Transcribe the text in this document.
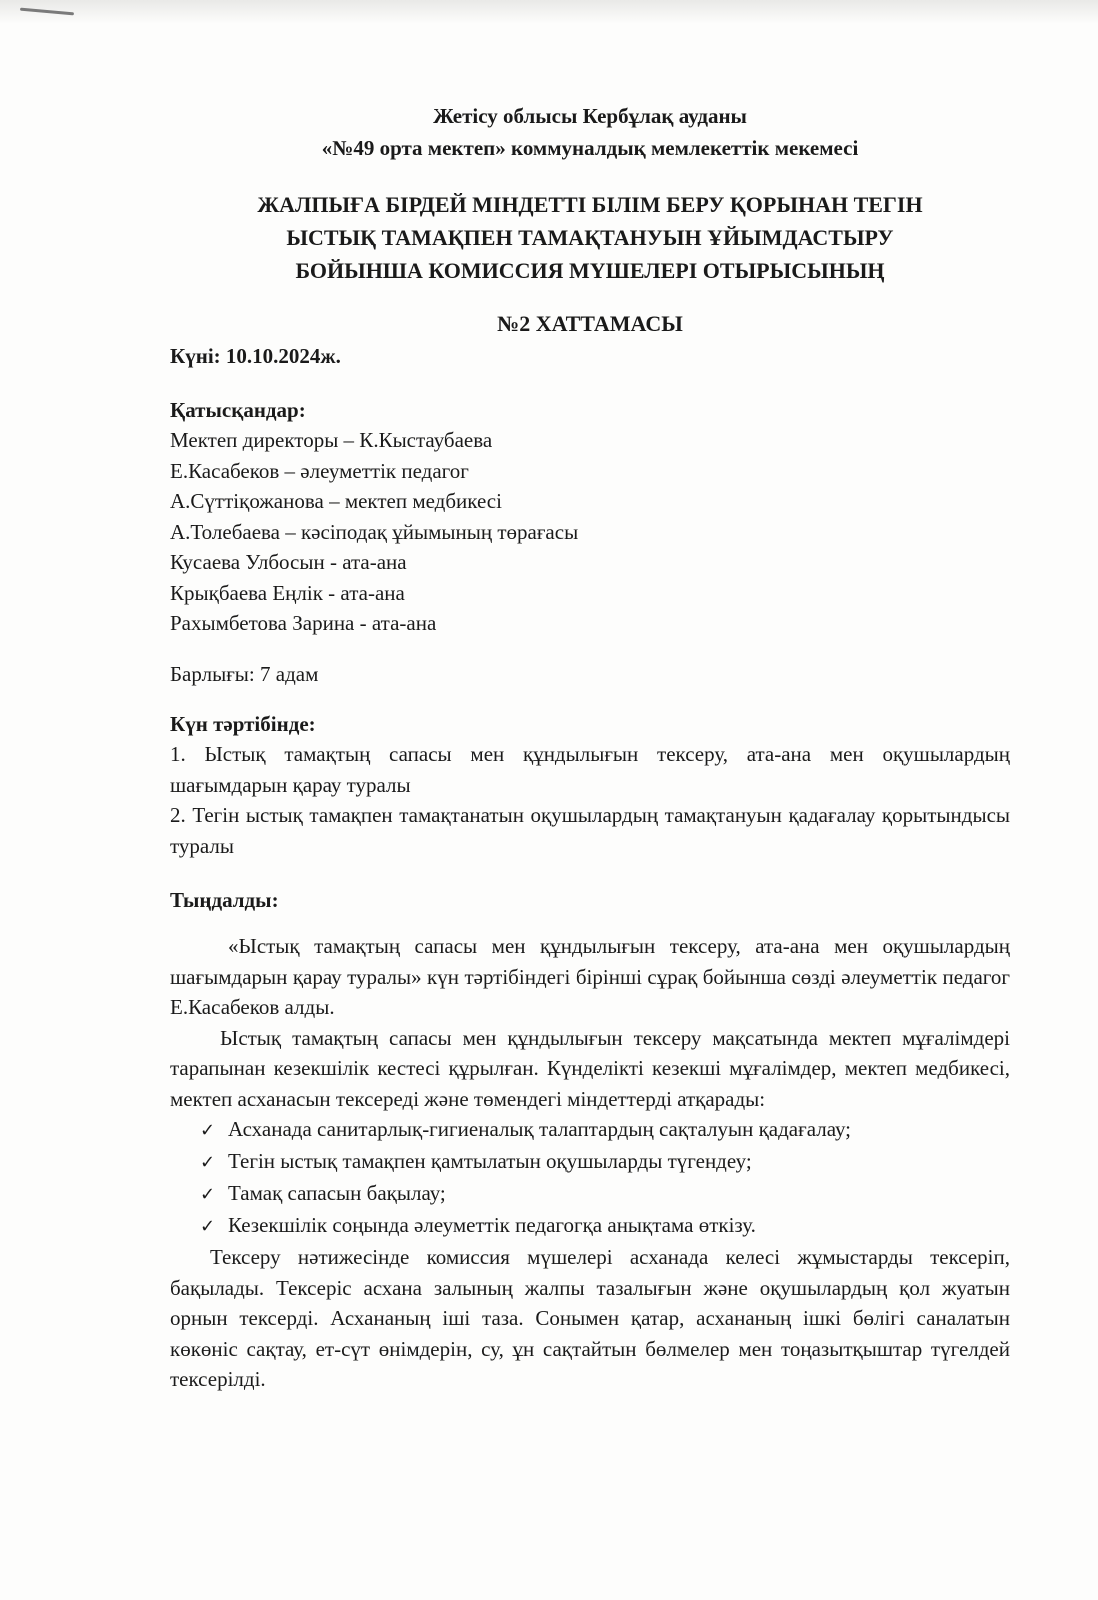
Жетісу облысы Кербұлақ ауданы
«№49 орта мектеп» коммуналдық мемлекеттік мекемесі
ЖАЛПЫҒА БІРДЕЙ МІНДЕТТІ БІЛІМ БЕРУ ҚОРЫНАН ТЕГІН
ЫСТЫҚ ТАМАҚПЕН ТАМАҚТАНУЫН ҰЙЫМДАСТЫРУ
БОЙЫНША КОМИССИЯ МҮШЕЛЕРІ ОТЫРЫСЫНЫҢ
№2 ХАТТАМАСЫ
Күні: 10.10.2024ж.
Қатысқандар:
Мектеп директоры – К.Кыстаубаева
Е.Касабеков – әлеуметтік педагог
А.Сүттіқожанова – мектеп медбикесі
А.Толебаева – кәсіподақ ұйымының төрағасы
Кусаева Улбосын - ата-ана
Крықбаева Еңлік - ата-ана
Рахымбетова Зарина - ата-ана
Барлығы: 7 адам
Күн тәртібінде:
1. Ыстық тамақтың сапасы мен құндылығын тексеру, ата-ана мен оқушылардың шағымдарын қарау туралы
2. Тегін ыстық тамақпен тамақтанатын оқушылардың тамақтануын қадағалау қорытындысы туралы
Тыңдалды:
«Ыстық тамақтың сапасы мен құндылығын тексеру, ата-ана мен оқушылардың шағымдарын қарау туралы» күн тәртібіндегі бірінші сұрақ бойынша сөзді әлеуметтік педагог Е.Касабеков алды.
Ыстық тамақтың сапасы мен құндылығын тексеру мақсатында мектеп мұғалімдері тарапынан кезекшілік кестесі құрылған. Күнделікті кезекші мұғалімдер, мектеп медбикесі, мектеп асханасын тексереді және төмендегі міндеттерді атқарады:
✓ Асханада санитарлық-гигиеналық талаптардың сақталуын қадағалау;
✓ Тегін ыстық тамақпен қамтылатын оқушыларды түгендеу;
✓ Тамақ сапасын бақылау;
✓ Кезекшілік соңында әлеуметтік педагогқа анықтама өткізу.
Тексеру нәтижесінде комиссия мүшелері асханада келесі жұмыстарды тексеріп, бақылады. Тексеріс асхана залының жалпы тазалығын және оқушылардың қол жуатын орнын тексерді. Асхананың іші таза. Сонымен қатар, асхананың ішкі бөлігі саналатын көкөніс сақтау, ет-сүт өнімдерін, су, ұн сақтайтын бөлмелер мен тоңазытқыштар түгелдей тексерілді.
